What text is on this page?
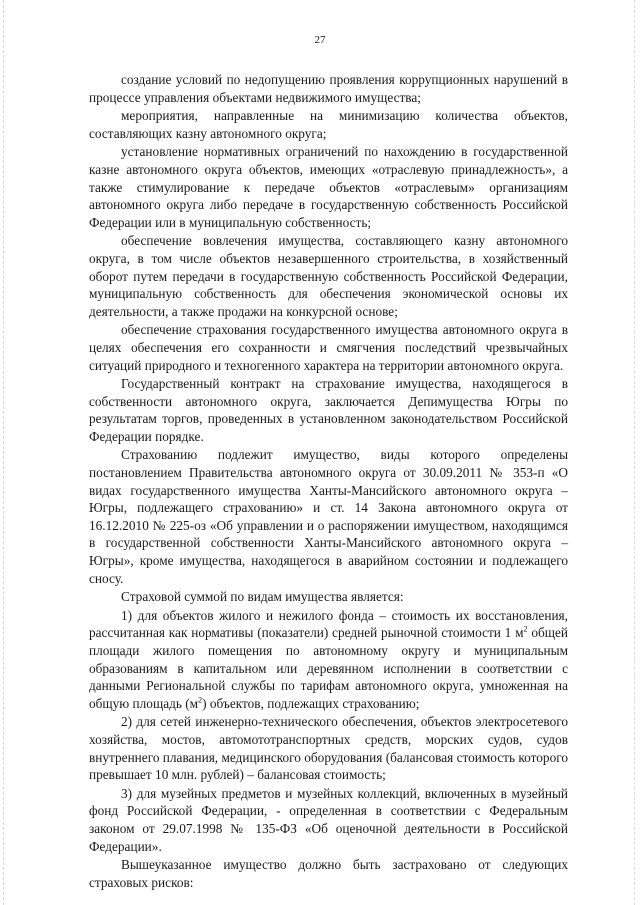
27

создание условий по недопущению проявления коррупционных нарушений в процессе управления объектами недвижимого имущества;

мероприятия, направленные на минимизацию количества объектов, составляющих казну автономного округа;

установление нормативных ограничений по нахождению в государственной казне автономного округа объектов, имеющих «отраслевую принадлежность», а также стимулирование к передаче объектов «отраслевым» организациям автономного округа либо передаче в государственную собственность Российской Федерации или в муниципальную собственность;

обеспечение вовлечения имущества, составляющего казну автономного округа, в том числе объектов незавершенного строительства, в хозяйственный оборот путем передачи в государственную собственность Российской Федерации, муниципальную собственность для обеспечения экономической основы их деятельности, а также продажи на конкурсной основе;

обеспечение страхования государственного имущества автономного округа в целях обеспечения его сохранности и смягчения последствий чрезвычайных ситуаций природного и техногенного характера на территории автономного округа.

Государственный контракт на страхование имущества, находящегося в собственности автономного округа, заключается Депимущества Югры по результатам торгов, проведенных в установленном законодательством Российской Федерации порядке.

Страхованию подлежит имущество, виды которого определены постановлением Правительства автономного округа от 30.09.2011 № 353-п «О видах государственного имущества Ханты-Мансийского автономного округа – Югры, подлежащего страхованию» и ст. 14 Закона автономного округа от 16.12.2010 № 225-оз «Об управлении и о распоряжении имуществом, находящимся в государственной собственности Ханты-Мансийского автономного округа – Югры», кроме имущества, находящегося в аварийном состоянии и подлежащего сносу.

Страховой суммой по видам имущества является:

1) для объектов жилого и нежилого фонда – стоимость их восстановления, рассчитанная как нормативы (показатели) средней рыночной стоимости 1 $м^2$ общей площади жилого помещения по автономному округу и муниципальным образованиям в капитальном или деревянном исполнении в соответствии с данными Региональной службы по тарифам автономного округа, умноженная на общую площадь $(м^2)$ объектов, подлежащих страхованию;

2) для сетей инженерно-технического обеспечения, объектов электросетевого хозяйства, мостов, автомототранспортных средств, морских судов, судов внутреннего плавания, медицинского оборудования (балансовая стоимость которого превышает 10 млн. рублей) – балансовая стоимость;

3) для музейных предметов и музейных коллекций, включенных в музейный фонд Российской Федерации, - определенная в соответствии с Федеральным законом от 29.07.1998 № 135-ФЗ «Об оценочной деятельности в Российской Федерации».

Вышеуказанное имущество должно быть застраховано от следующих страховых рисков:
